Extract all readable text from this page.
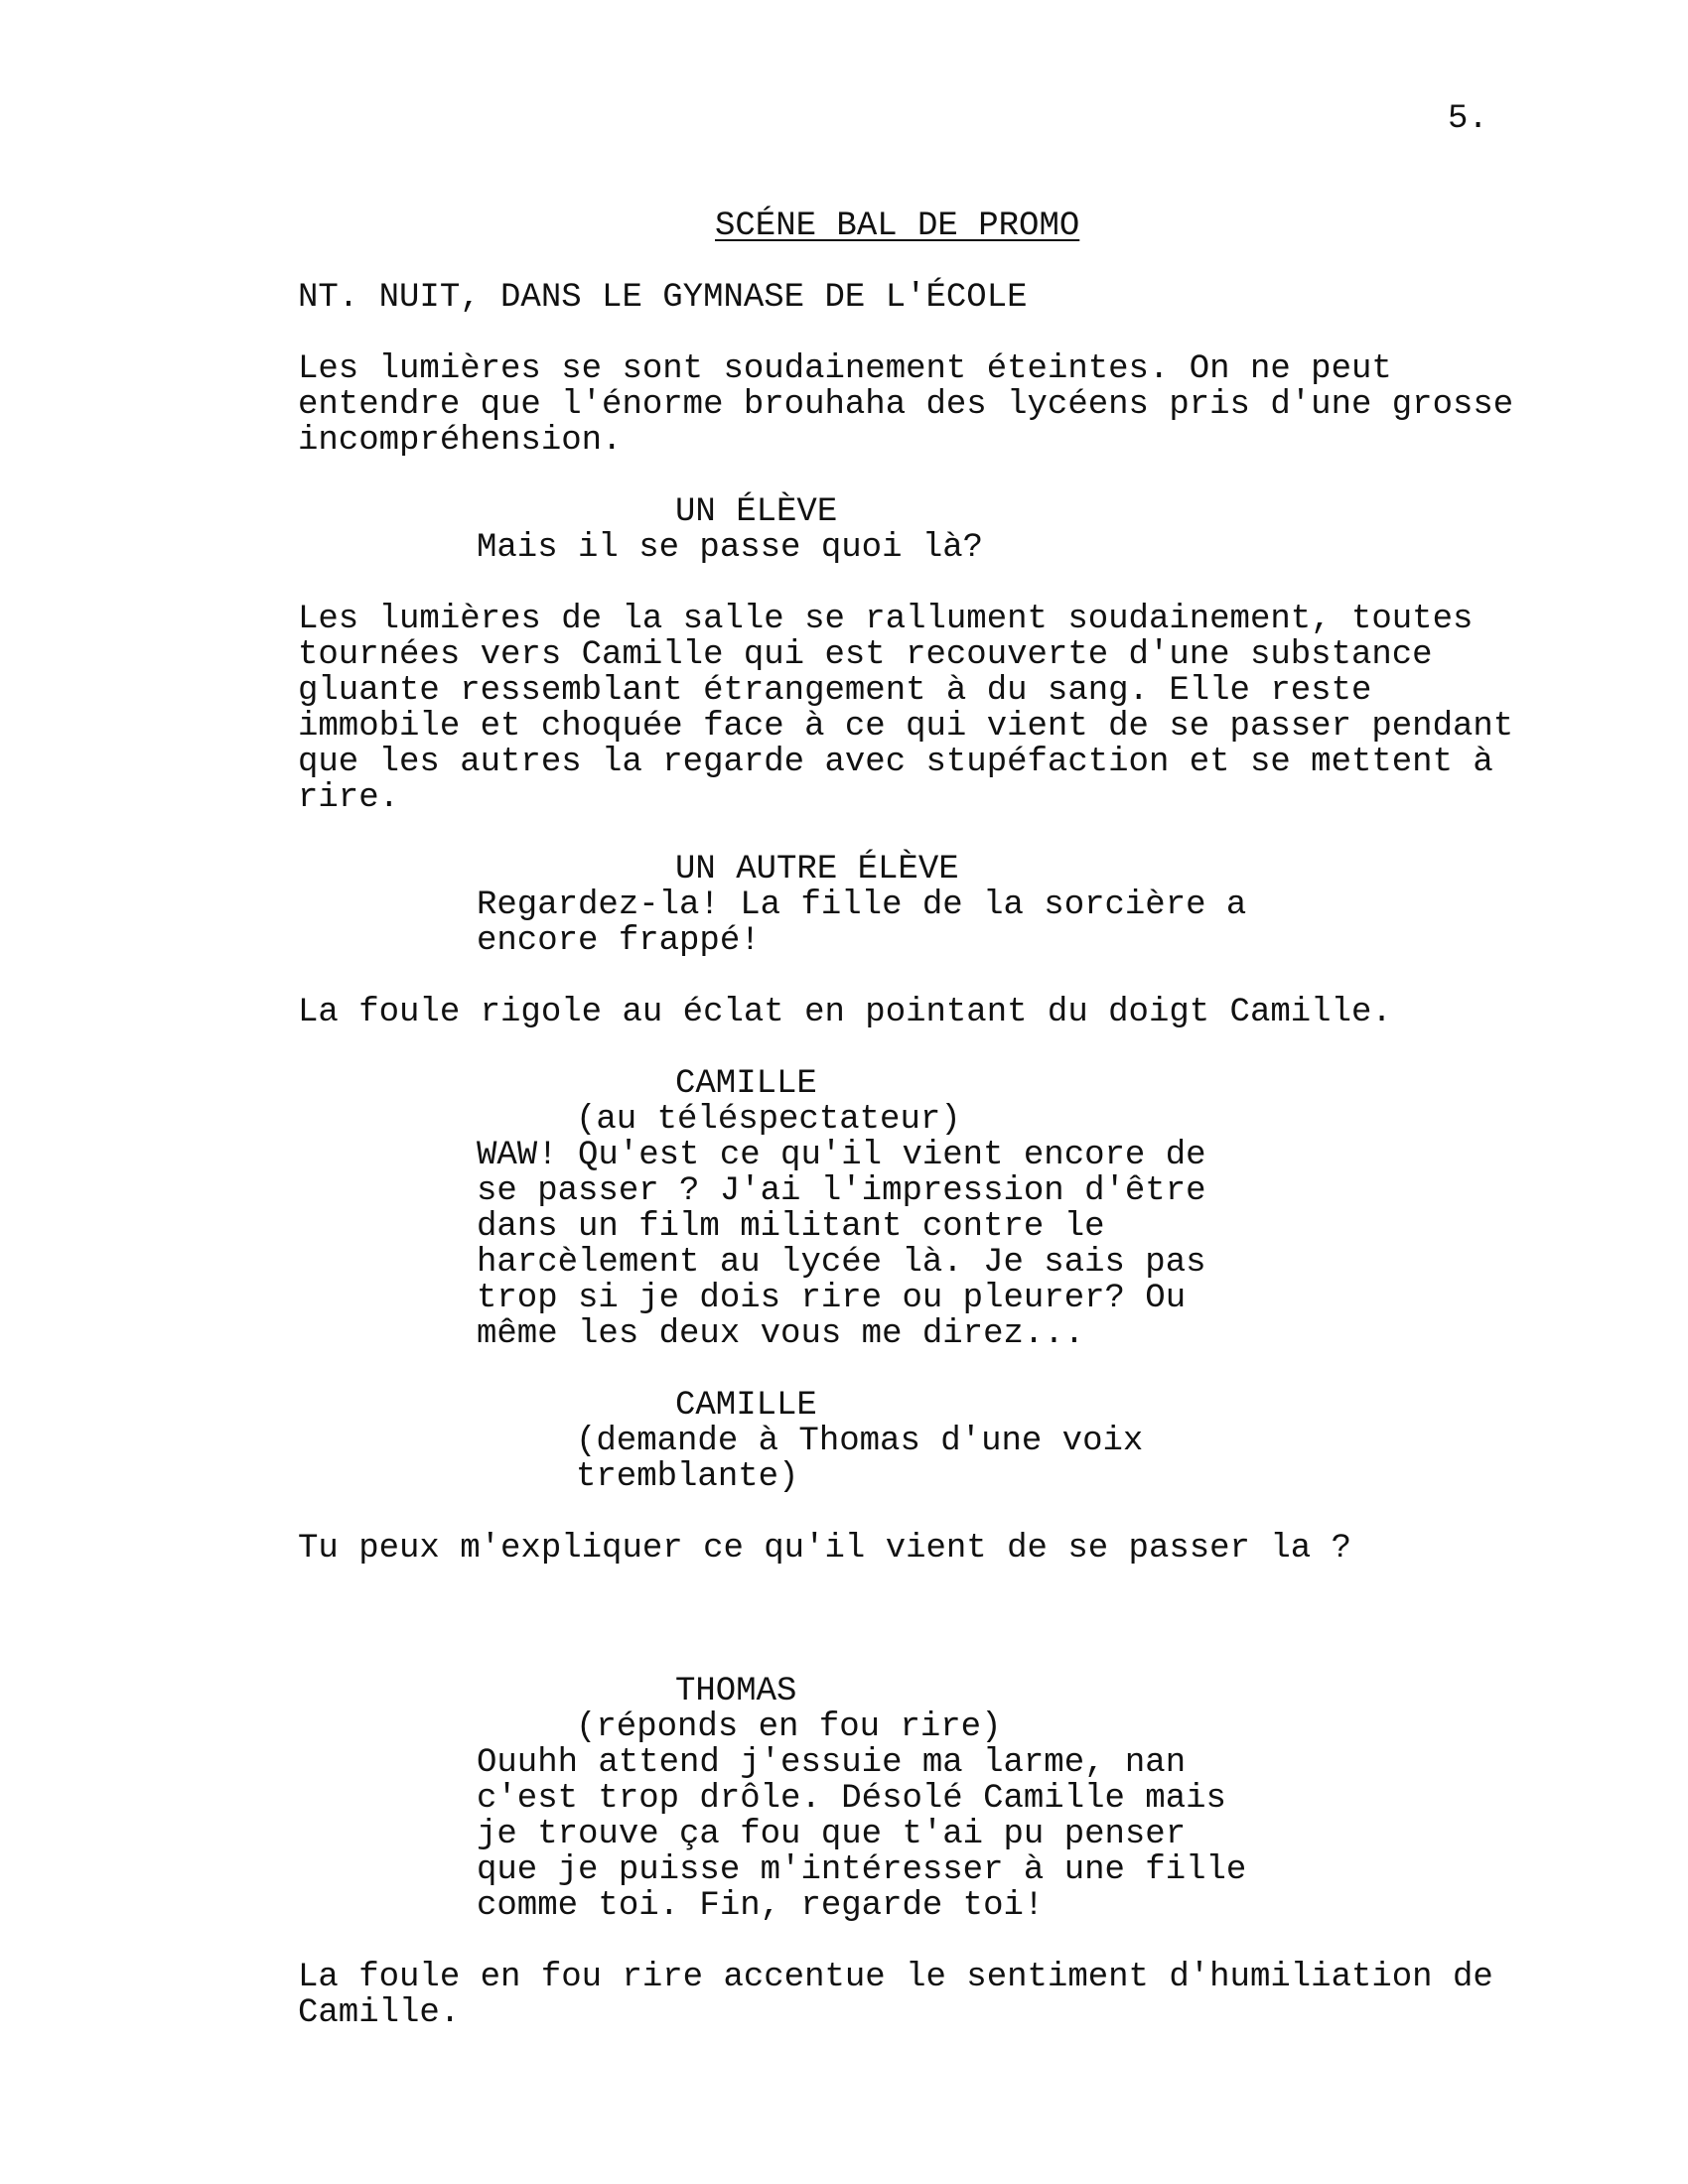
5.
SCÉNE BAL DE PROMO
NT. NUIT, DANS LE GYMNASE DE L'ÉCOLE
Les lumières se sont soudainement éteintes. On ne peut
entendre que l'énorme brouhaha des lycéens pris d'une grosse
incompréhension.
UN ÉLÈVE
Mais il se passe quoi là?
Les lumières de la salle se rallument soudainement, toutes
tournées vers Camille qui est recouverte d'une substance
gluante ressemblant étrangement à du sang. Elle reste
immobile et choquée face à ce qui vient de se passer pendant
que les autres la regarde avec stupéfaction et se mettent à
rire.
UN AUTRE ÉLÈVE
Regardez-la! La fille de la sorcière a
encore frappé!
La foule rigole au éclat en pointant du doigt Camille.
CAMILLE
(au téléspectateur)
WAW! Qu'est ce qu'il vient encore de
se passer ? J'ai l'impression d'être
dans un film militant contre le
harcèlement au lycée là. Je sais pas
trop si je dois rire ou pleurer? Ou
même les deux vous me direz...
CAMILLE
(demande à Thomas d'une voix
tremblante)
Tu peux m'expliquer ce qu'il vient de se passer la ?
THOMAS
(réponds en fou rire)
Ouuhh attend j'essuie ma larme, nan
c'est trop drôle. Désolé Camille mais
je trouve ça fou que t'ai pu penser
que je puisse m'intéresser à une fille
comme toi. Fin, regarde toi!
La foule en fou rire accentue le sentiment d'humiliation de
Camille.
